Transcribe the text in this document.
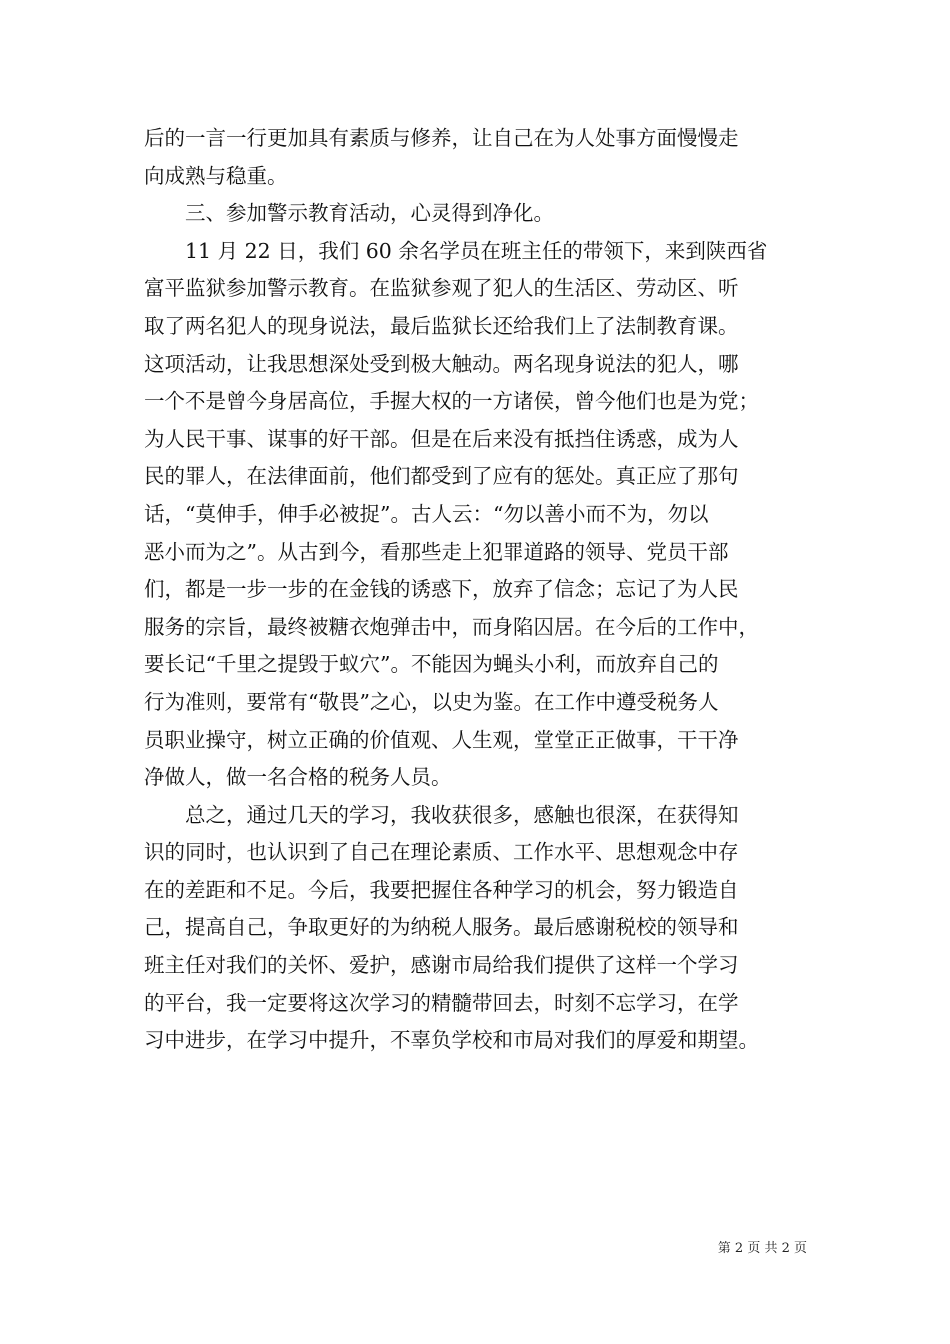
后的一言一行更加具有素质与修养，让自己在为人处事方面慢慢走
向成熟与稳重。
　　三、参加警示教育活动，心灵得到净化。
　　11 月 22 日，我们 60 余名学员在班主任的带领下，来到陕西省
富平监狱参加警示教育。在监狱参观了犯人的生活区、劳动区、听
取了两名犯人的现身说法，最后监狱长还给我们上了法制教育课。
这项活动，让我思想深处受到极大触动。两名现身说法的犯人，哪
一个不是曾今身居高位，手握大权的一方诸侯，曾今他们也是为党；
为人民干事、谋事的好干部。但是在后来没有抵挡住诱惑，成为人
民的罪人，在法律面前，他们都受到了应有的惩处。真正应了那句
话，“莫伸手，伸手必被捉”。古人云：“勿以善小而不为，勿以
恶小而为之”。从古到今，看那些走上犯罪道路的领导、党员干部
们，都是一步一步的在金钱的诱惑下，放弃了信念；忘记了为人民
服务的宗旨，最终被糖衣炮弹击中，而身陷囚居。在今后的工作中，
要长记“千里之提毁于蚁穴”。不能因为蝇头小利，而放弃自己的
行为准则，要常有“敬畏”之心，以史为鉴。在工作中遵受税务人
员职业操守，树立正确的价值观、人生观，堂堂正正做事，干干净
净做人，做一名合格的税务人员。
　　总之，通过几天的学习，我收获很多，感触也很深，在获得知
识的同时，也认识到了自己在理论素质、工作水平、思想观念中存
在的差距和不足。今后，我要把握住各种学习的机会，努力锻造自
己，提高自己，争取更好的为纳税人服务。最后感谢税校的领导和
班主任对我们的关怀、爱护，感谢市局给我们提供了这样一个学习
的平台，我一定要将这次学习的精髓带回去，时刻不忘学习，在学
习中进步，在学习中提升，不辜负学校和市局对我们的厚爱和期望。
第 2 页 共 2 页
